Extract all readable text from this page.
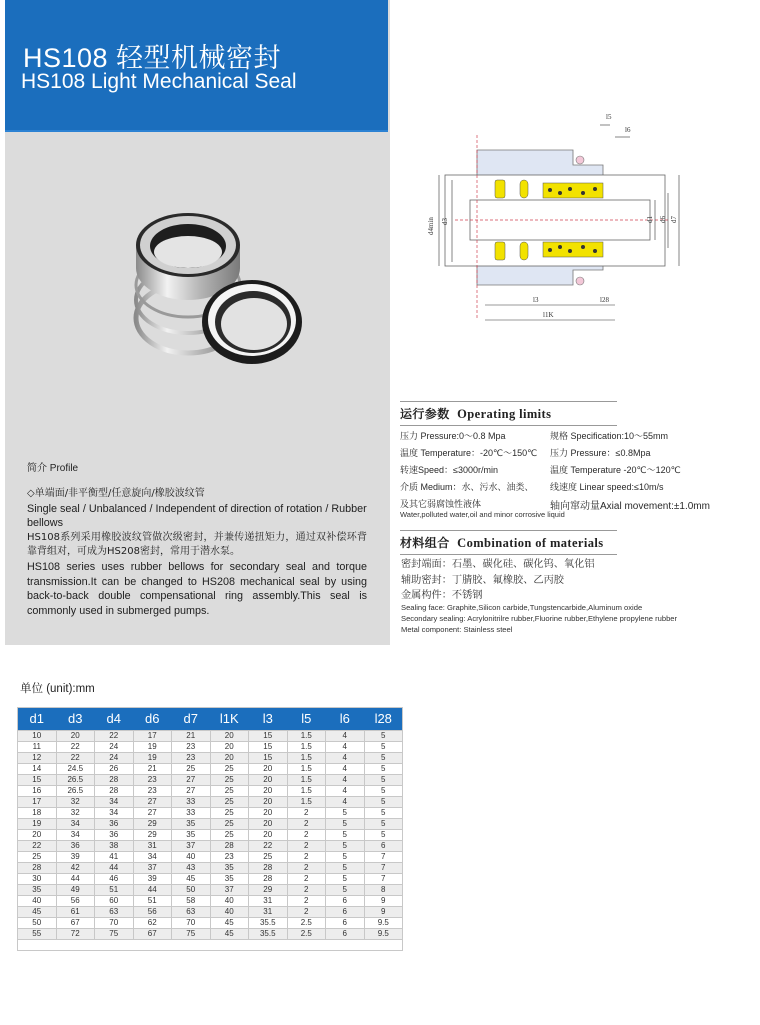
HS108 轻型机械密封
HS108 Light Mechanical Seal
简介 Profile

◇单端面/非平衡型/任意旋向/橡胶波纹管

Single seal / Unbalanced / Independent of direction of rotation / Rubber bellows

HS108系列采用橡胶波纹管做次级密封，并兼传递扭矩力，通过双补偿环背靠背组对，可成为HS208密封，常用于潜水泵。

HS108 series uses rubber bellows for secondary seal and torque transmission.It can be changed to HS208 mechanical seal by using back-to-back double compensational ring assembly.This seal is commonly used in submerged pumps.

l5
l6
d4min d3	d1 d6 d7
l3	l28
l1K
运行参数 Operating limits
压力 Pressure:0～0.8 Mpa	规格 Specification:10～55mm
温度 Temperature：-20℃～150℃ 压力 Pressure：≤0.8Mpa
转速Speed：≤3000r/min	温度 Temperature -20℃～120℃
介质 Medium：水、污水、油类、 线速度 Linear speed:≤10m/s
及其它弱腐蚀性液体	轴向窜动量Axial movement:±1.0mm
Water,polluted water,oil and minor corrosive liquid
材料组合 Combination of materials
密封端面：石墨、碳化硅、碳化钨、氧化铝
辅助密封：丁腈胶、氟橡胶、乙丙胶
金属构件：不锈钢
Sealing face: Graphite,Silicon carbide,Tungstencarbide,Aluminum oxide
Secondary sealing: Acrylonitrilre rubber,Fluorine rubber,Ethylene propylene rubber
Metal component: Stainless steel
单位 (unit):mm
d1	d3	d4	d6	d7	l1K	l3	l5	l6	l28
10	20	22	17	21	20	15	1.5	4	5
11	22	24	19	23	20	15	1.5	4	5
12	22	24	19	23	20	15	1.5	4	5
14	24.5	26	21	25	25	20	1.5	4	5
15	26.5	28	23	27	25	20	1.5	4	5
16	26.5	28	23	27	25	20	1.5	4	5
17	32	34	27	33	25	20	1.5	4	5
18	32	34	27	33	25	20	2	5	5
19	34	36	29	35	25	20	2	5	5
20	34	36	29	35	25	20	2	5	5
22	36	38	31	37	28	22	2	5	6
25	39	41	34	40	23	25	2	5	7
28	42	44	37	43	35	28	2	5	7
30	44	46	39	45	35	28	2	5	7
35	49	51	44	50	37	29	2	5	8
40	56	60	51	58	40	31	2	6	9
45	61	63	56	63	40	31	2	6	9
50	67	70	62	70	45	35.5	2.5	6	9.5
55	72	75	67	75	45	35.5	2.5	6	9.5
